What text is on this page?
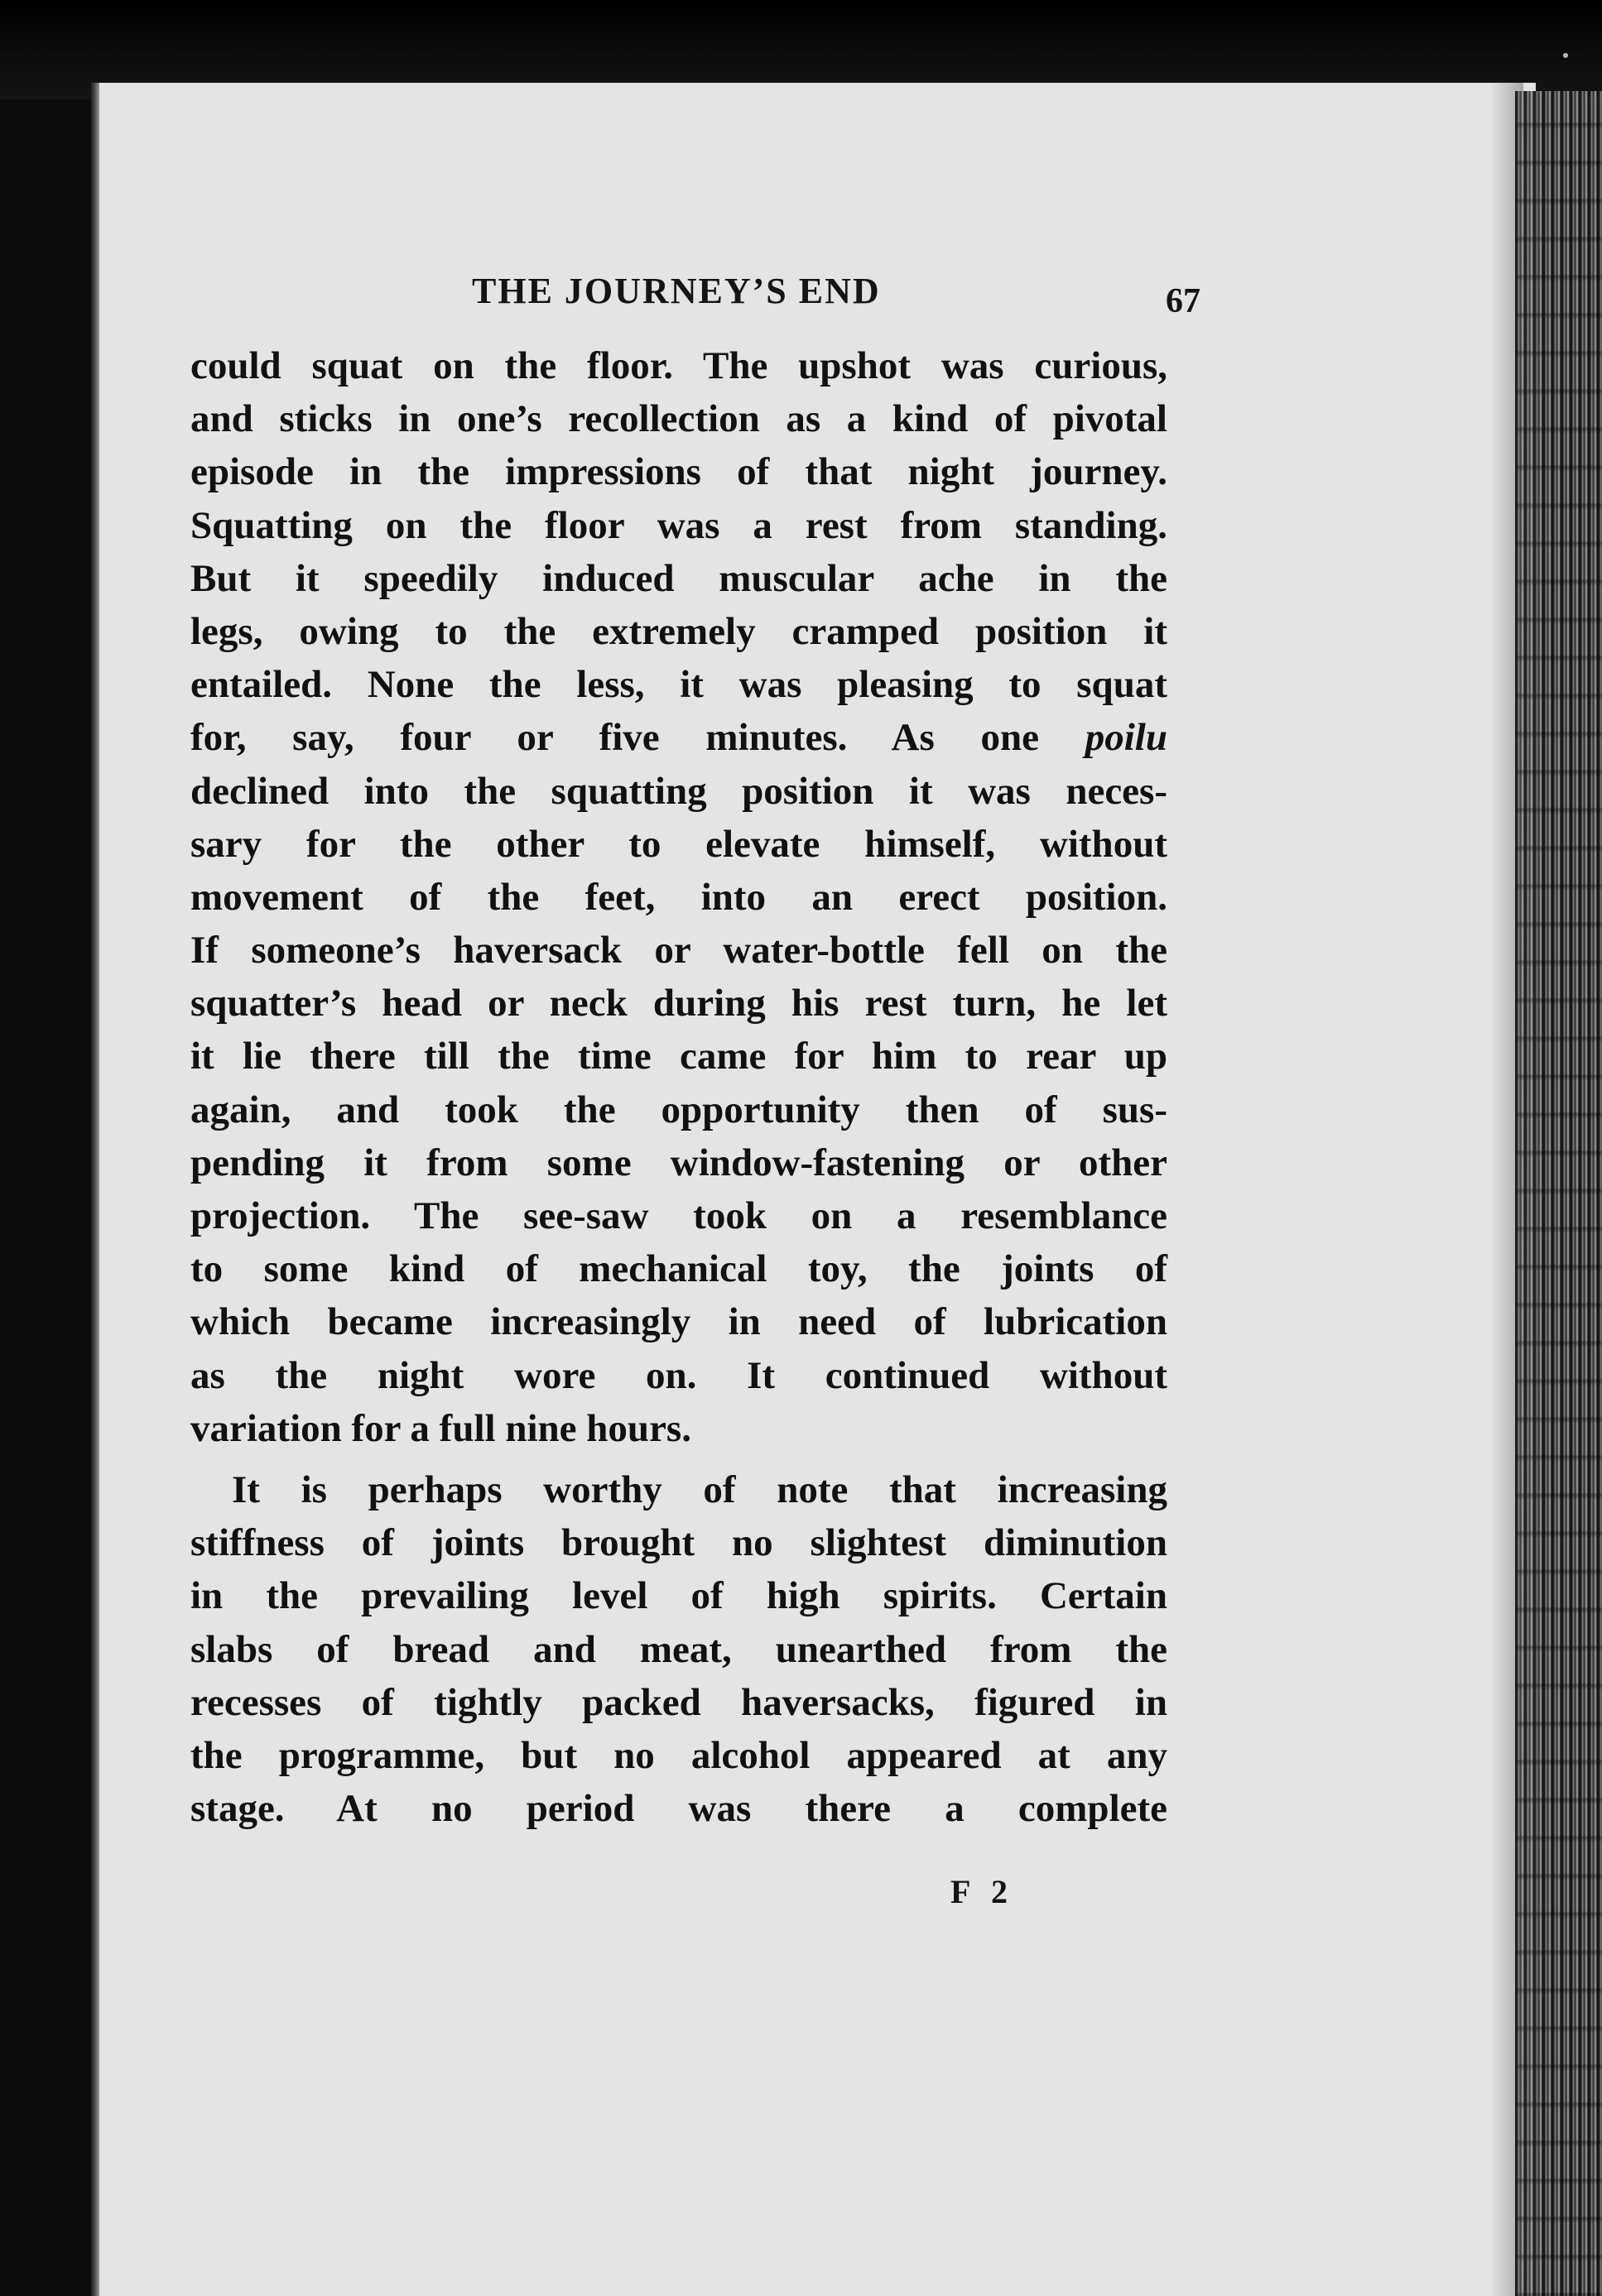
THE JOURNEY’S END	67
could squat on the floor. The upshot was curious,
and sticks in one’s recollection as a kind of pivotal
episode in the impressions of that night journey.
Squatting on the floor was a rest from standing.
But it speedily induced muscular ache in the
legs, owing to the extremely cramped position it
entailed. None the less, it was pleasing to squat
for, say, four or five minutes. As one poilu
declined into the squatting position it was neces-
sary for the other to elevate himself, without
movement of the feet, into an erect position.
If someone’s haversack or water-bottle fell on the
squatter’s head or neck during his rest turn, he let
it lie there till the time came for him to rear up
again, and took the opportunity then of sus-
pending it from some window-fastening or other
projection. The see-saw took on a resemblance
to some kind of mechanical toy, the joints of
which became increasingly in need of lubrication
as the night wore on. It continued without
variation for a full nine hours.
It is perhaps worthy of note that increasing
stiffness of joints brought no slightest diminution
in the prevailing level of high spirits. Certain
slabs of bread and meat, unearthed from the
recesses of tightly packed haversacks, figured in
the programme, but no alcohol appeared at any
stage. At no period was there a complete
F 2
